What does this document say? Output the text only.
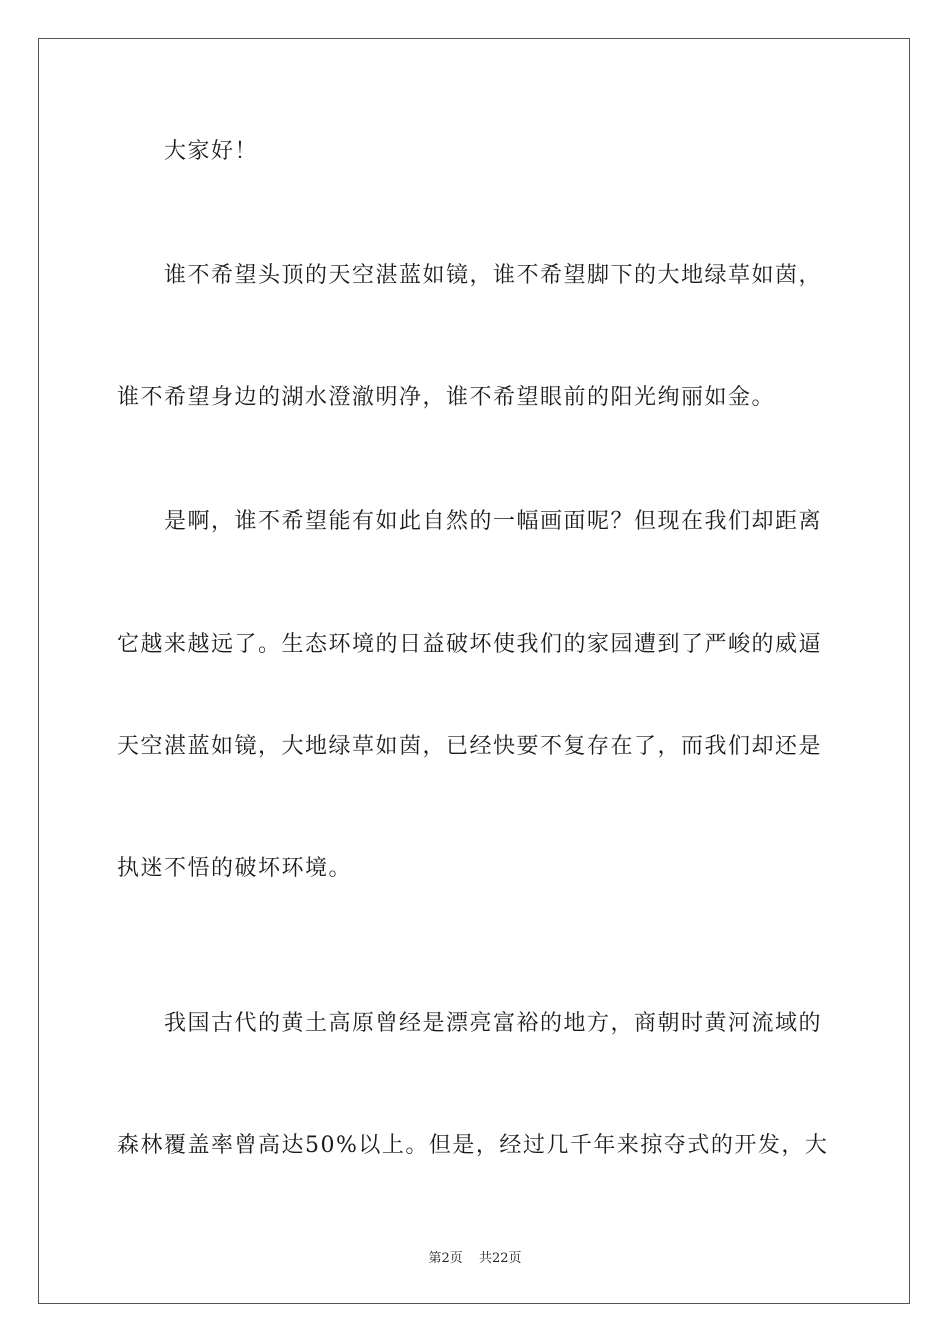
大家好！
谁不希望头顶的天空湛蓝如镜，谁不希望脚下的大地绿草如茵，
谁不希望身边的湖水澄澈明净，谁不希望眼前的阳光绚丽如金。
是啊，谁不希望能有如此自然的一幅画面呢？但现在我们却距离
它越来越远了。生态环境的日益破坏使我们的家园遭到了严峻的威逼
天空湛蓝如镜，大地绿草如茵，已经快要不复存在了，而我们却还是
执迷不悟的破坏环境。
我国古代的黄土高原曾经是漂亮富裕的地方，商朝时黄河流域的
森林覆盖率曾高达50%以上。但是，经过几千年来掠夺式的开发，大
第2页 共22页
